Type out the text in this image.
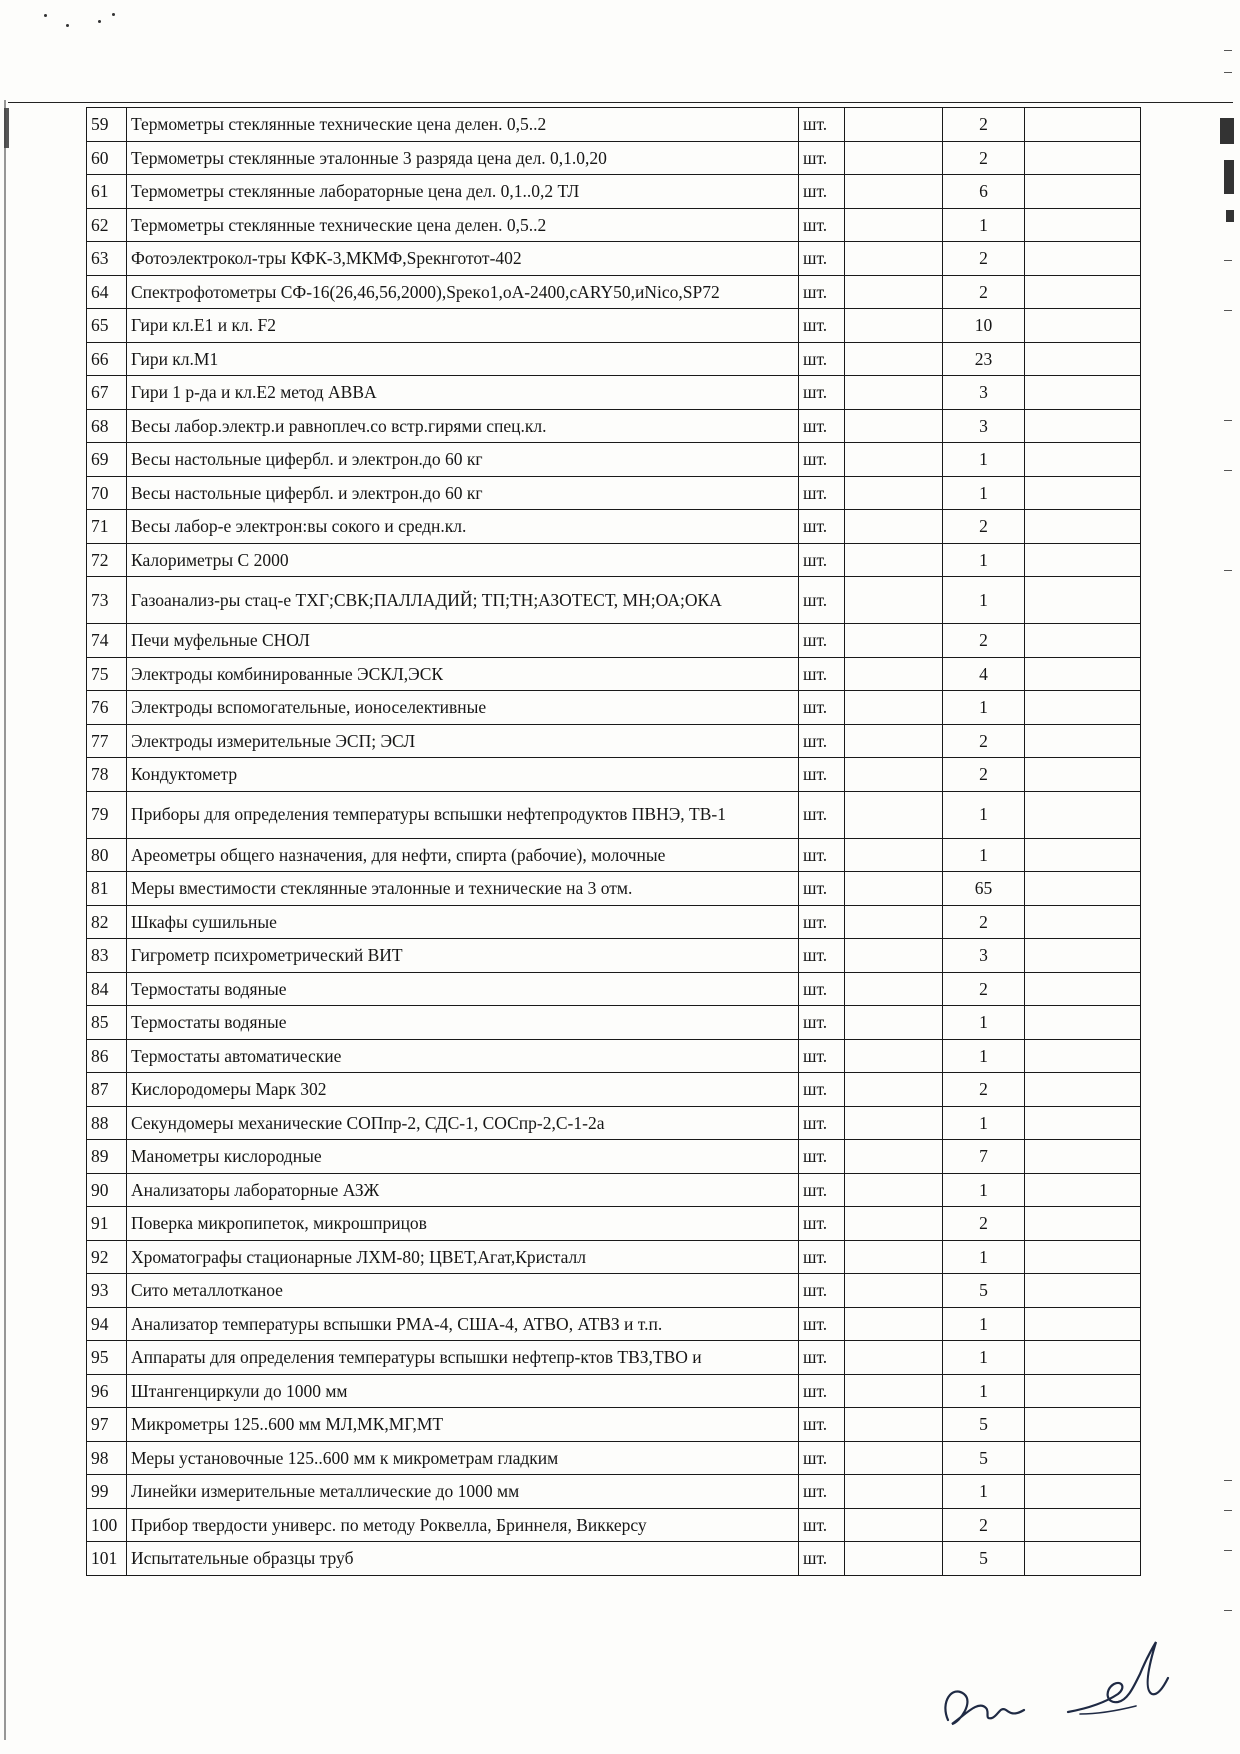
59	Термометры стеклянные технические цена делен. 0,5..2	шт.		2	
60	Термометры стеклянные эталонные 3 разряда цена дел. 0,1.0,20	шт.		2	
61	Термометры стеклянные лабораторные цена дел. 0,1..0,2 ТЛ	шт.		6	
62	Термометры стеклянные технические цена делен. 0,5..2	шт.		1	
63	Фотоэлектрокол-тры КФК-3,МКМФ,Spекнготот-402	шт.		2	
64	Спектрофотометры СФ-16(26,46,56,2000),Speкo1,oA-2400,cARY50,иNico,SP72	шт.		2	
65	Гири кл.E1 и кл. F2	шт.		10	
66	Гири кл.M1	шт.		23	
67	Гири 1 р-да и кл.E2 метод ABBA	шт.		3	
68	Весы лабор.электр.и равноплеч.со встр.гирями спец.кл.	шт.		3	
69	Весы настольные цифербл. и электрон.до 60 кг	шт.		1	
70	Весы настольные цифербл. и электрон.до 60 кг	шт.		1	
71	Весы лабор-е электрон:вы сокого и средн.кл.	шт.		2	
72	Калориметры С 2000	шт.		1	
73	Газоанализ-ры стац-е ТХГ;СВК;ПАЛЛАДИЙ; ТП;ТН;АЗОТЕСТ, МН;ОА;ОКА	шт.		1	
74	Печи муфельные СНОЛ	шт.		2	
75	Электроды комбинированные ЭСКЛ,ЭСК	шт.		4	
76	Электроды вспомогательные, ионоселективные	шт.		1	
77	Электроды измерительные ЭСП; ЭСЛ	шт.		2	
78	Кондуктометр	шт.		2	
79	Приборы для определения температуры вспышки нефтепродуктов ПВНЭ, ТВ-1	шт.		1	
80	Ареометры общего назначения, для нефти, спирта (рабочие), молочные	шт.		1	
81	Меры вместимости стеклянные эталонные и технические на 3 отм.	шт.		65	
82	Шкафы сушильные	шт.		2	
83	Гигрометр психрометрический ВИТ	шт.		3	
84	Термостаты водяные	шт.		2	
85	Термостаты водяные	шт.		1	
86	Термостаты автоматические	шт.		1	
87	Кислородомеры Марк 302	шт.		2	
88	Секундомеры механические СОПпр-2, СДС-1, СОСпр-2,С-1-2а	шт.		1	
89	Манометры кислородные	шт.		7	
90	Анализаторы лабораторные АЗЖ	шт.		1	
91	Поверка микропипеток, микрошприцов	шт.		2	
92	Хроматографы стационарные ЛХМ-80; ЦВЕТ,Агат,Кристалл	шт.		1	
93	Сито металлотканое	шт.		5	
94	Анализатор температуры вспышки РМА-4, США-4, АТВО, АТВЗ и т.п.	шт.		1	
95	Аппараты для определения температуры вспышки нефтепр-ктов ТВЗ,ТВО и	шт.		1	
96	Штангенциркули до 1000 мм	шт.		1	
97	Микрометры 125..600 мм МЛ,МК,МГ,МТ	шт.		5	
98	Меры установочные 125..600 мм к микрометрам гладким	шт.		5	
99	Линейки измерительные металлические до 1000 мм	шт.		1	
100	Прибор твердости универс. по методу Роквелла, Бриннеля, Виккерсу	шт.		2	
101	Испытательные образцы труб	шт.		5	
